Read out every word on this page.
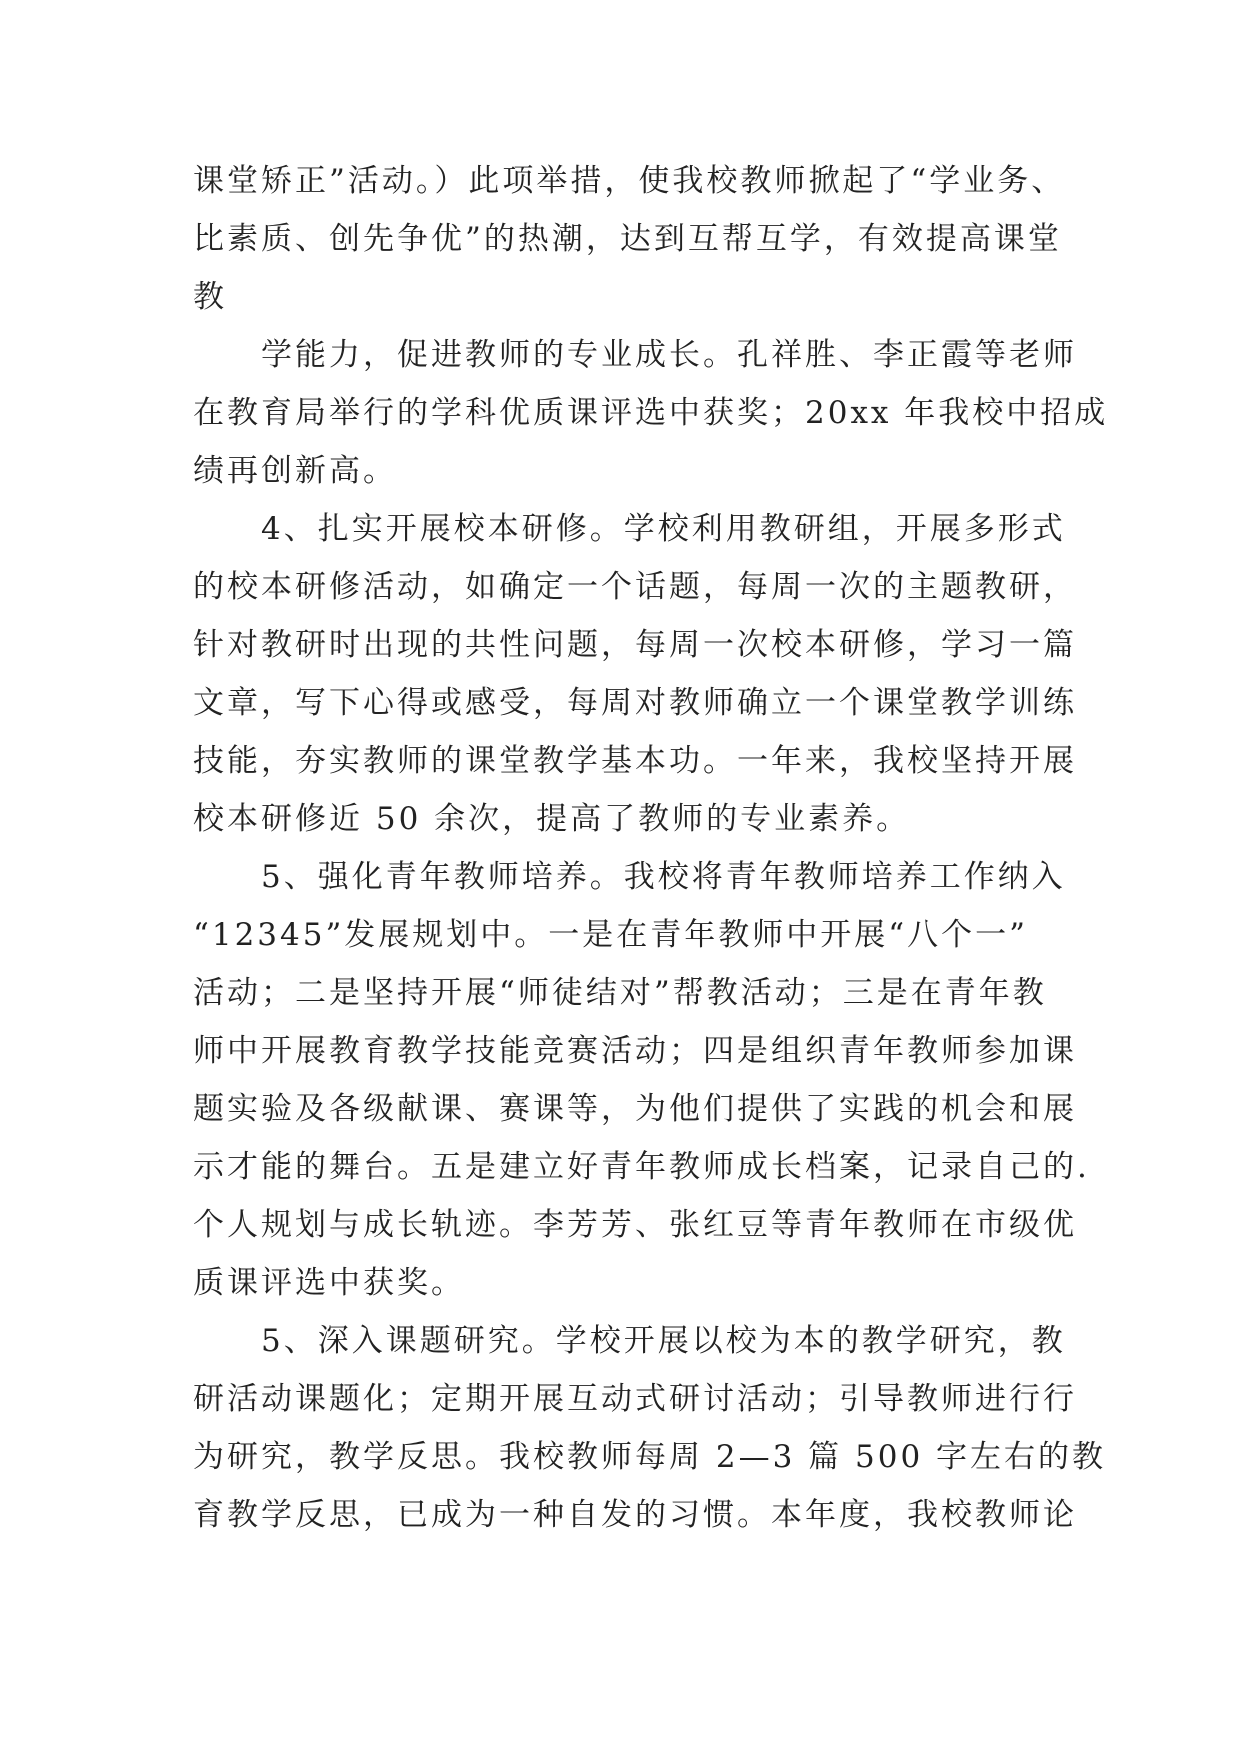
课堂矫正”活动。）此项举措，使我校教师掀起了“学业务、
比素质、创先争优”的热潮，达到互帮互学，有效提高课堂
教
　　学能力，促进教师的专业成长。孔祥胜、李正霞等老师
在教育局举行的学科优质课评选中获奖；20xx 年我校中招成
绩再创新高。
　　4、扎实开展校本研修。学校利用教研组，开展多形式
的校本研修活动，如确定一个话题，每周一次的主题教研，
针对教研时出现的共性问题，每周一次校本研修，学习一篇
文章，写下心得或感受，每周对教师确立一个课堂教学训练
技能，夯实教师的课堂教学基本功。一年来，我校坚持开展
校本研修近 50 余次，提高了教师的专业素养。
　　5、强化青年教师培养。我校将青年教师培养工作纳入
“12345”发展规划中。一是在青年教师中开展“八个一”
活动；二是坚持开展“师徒结对”帮教活动；三是在青年教
师中开展教育教学技能竞赛活动；四是组织青年教师参加课
题实验及各级献课、赛课等，为他们提供了实践的机会和展
示才能的舞台。五是建立好青年教师成长档案，记录自己的.
个人规划与成长轨迹。李芳芳、张红豆等青年教师在市级优
质课评选中获奖。
　　5、深入课题研究。学校开展以校为本的教学研究，教
研活动课题化；定期开展互动式研讨活动；引导教师进行行
为研究，教学反思。我校教师每周 2—3 篇 500 字左右的教
育教学反思，已成为一种自发的习惯。本年度，我校教师论
